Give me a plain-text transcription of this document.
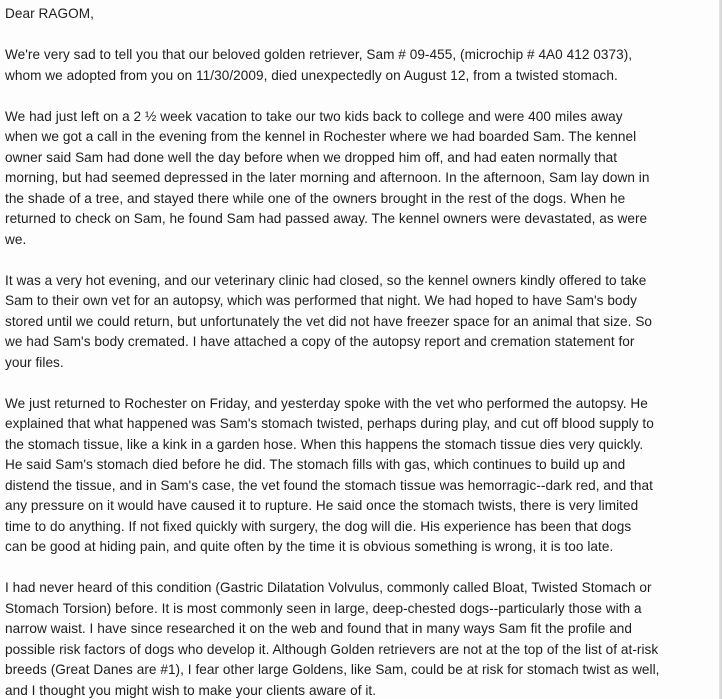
Dear RAGOM,
We're very sad to tell you that our beloved golden retriever, Sam # 09-455, (microchip # 4A0 412 0373),
whom we adopted from you on 11/30/2009, died unexpectedly on August 12, from a twisted stomach.
We had just left on a 2 ½ week vacation to take our two kids back to college and were 400 miles away
when we got a call in the evening from the kennel in Rochester where we had boarded Sam. The kennel
owner said Sam had done well the day before when we dropped him off, and had eaten normally that
morning, but had seemed depressed in the later morning and afternoon. In the afternoon, Sam lay down in
the shade of a tree, and stayed there while one of the owners brought in the rest of the dogs. When he
returned to check on Sam, he found Sam had passed away. The kennel owners were devastated, as were
we.
It was a very hot evening, and our veterinary clinic had closed, so the kennel owners kindly offered to take
Sam to their own vet for an autopsy, which was performed that night. We had hoped to have Sam's body
stored until we could return, but unfortunately the vet did not have freezer space for an animal that size. So
we had Sam's body cremated. I have attached a copy of the autopsy report and cremation statement for
your files.
We just returned to Rochester on Friday, and yesterday spoke with the vet who performed the autopsy. He
explained that what happened was Sam's stomach twisted, perhaps during play, and cut off blood supply to
the stomach tissue, like a kink in a garden hose. When this happens the stomach tissue dies very quickly.
He said Sam's stomach died before he did. The stomach fills with gas, which continues to build up and
distend the tissue, and in Sam's case, the vet found the stomach tissue was hemorragic--dark red, and that
any pressure on it would have caused it to rupture. He said once the stomach twists, there is very limited
time to do anything. If not fixed quickly with surgery, the dog will die. His experience has been that dogs
can be good at hiding pain, and quite often by the time it is obvious something is wrong, it is too late.
I had never heard of this condition (Gastric Dilatation Volvulus, commonly called Bloat, Twisted Stomach or
Stomach Torsion) before. It is most commonly seen in large, deep-chested dogs--particularly those with a
narrow waist. I have since researched it on the web and found that in many ways Sam fit the profile and
possible risk factors of dogs who develop it. Although Golden retrievers are not at the top of the list of at-risk
breeds (Great Danes are #1), I fear other large Goldens, like Sam, could be at risk for stomach twist as well,
and I thought you might wish to make your clients aware of it.
